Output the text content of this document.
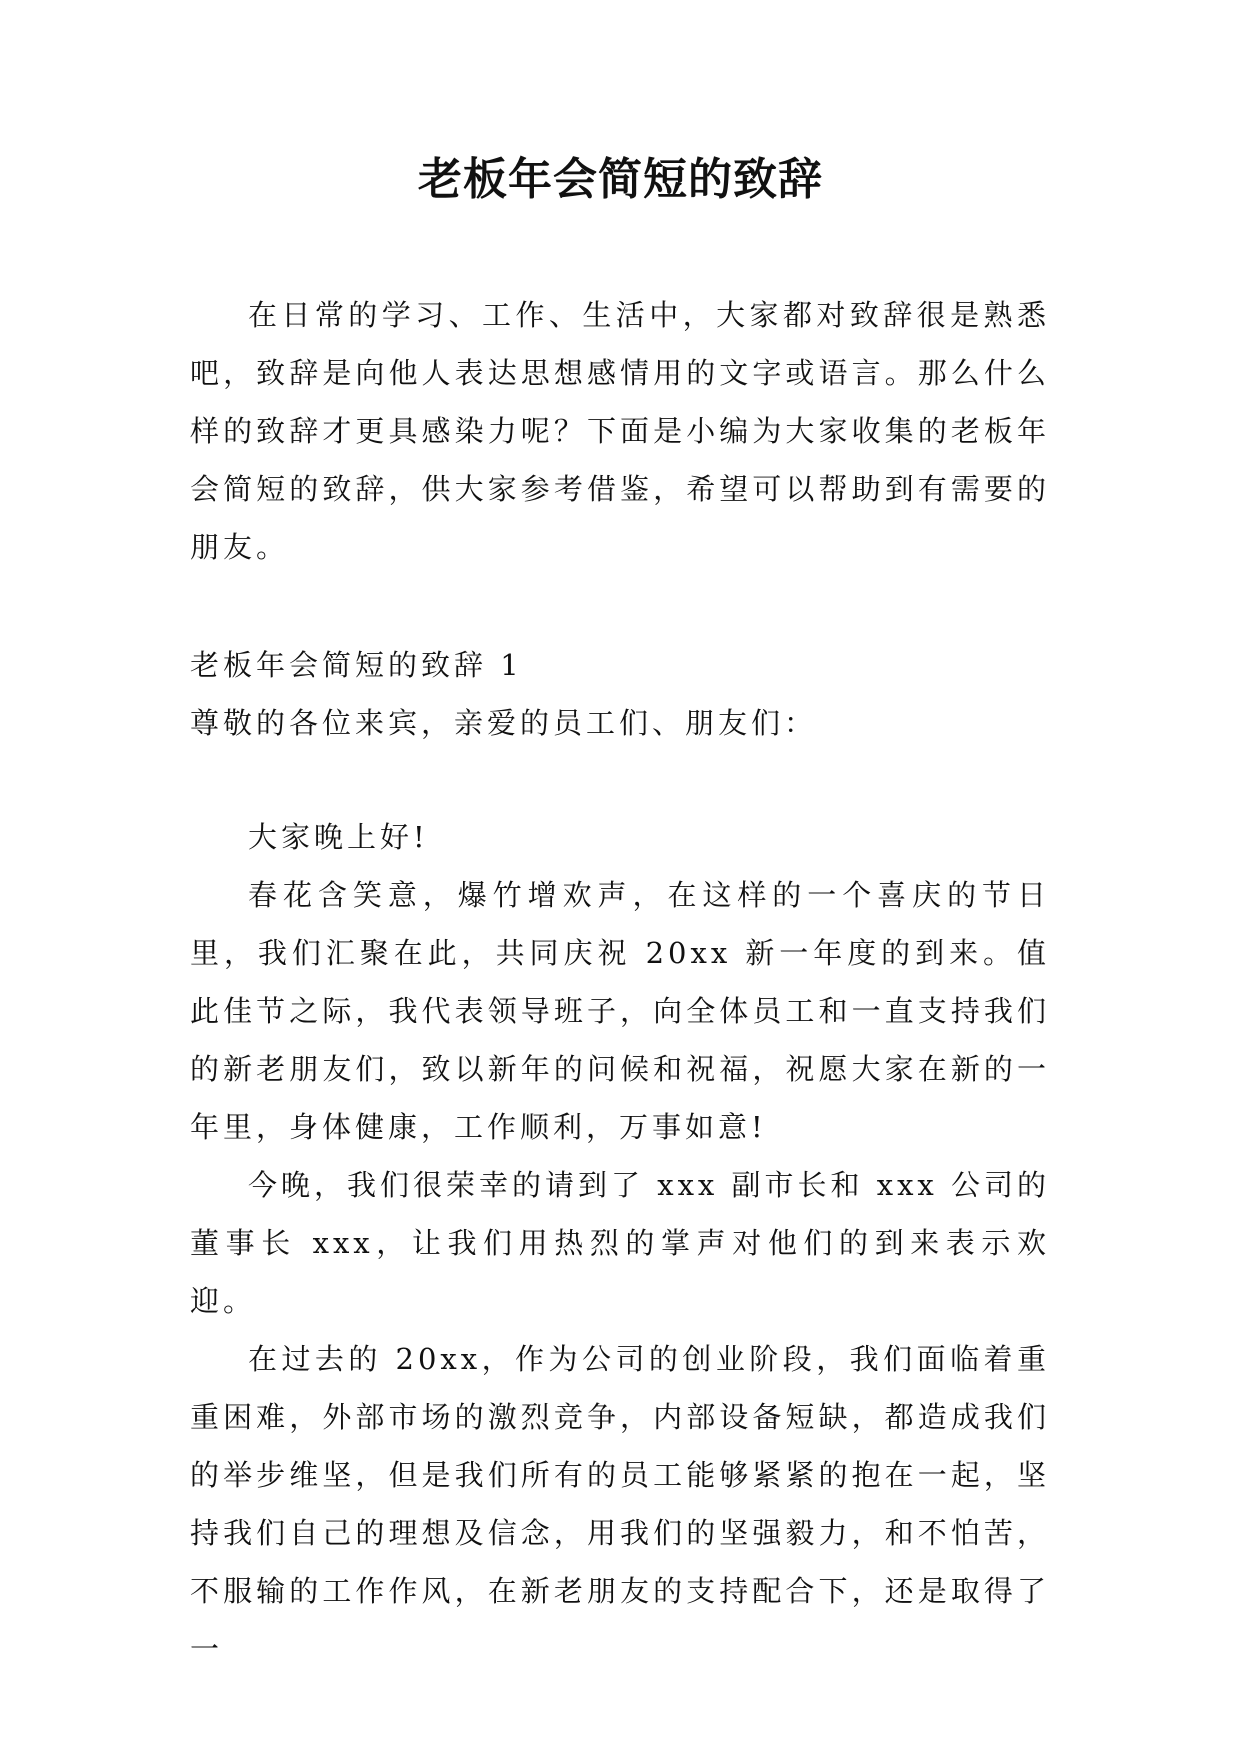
老板年会简短的致辞

在日常的学习、工作、生活中，大家都对致辞很是熟悉吧，致辞是向他人表达思想感情用的文字或语言。那么什么样的致辞才更具感染力呢？下面是小编为大家收集的老板年会简短的致辞，供大家参考借鉴，希望可以帮助到有需要的朋友。

老板年会简短的致辞 1

尊敬的各位来宾，亲爱的员工们、朋友们：

大家晚上好!

春花含笑意，爆竹增欢声，在这样的一个喜庆的节日里，我们汇聚在此，共同庆祝 20xx 新一年度的到来。值此佳节之际，我代表领导班子，向全体员工和一直支持我们的新老朋友们，致以新年的问候和祝福，祝愿大家在新的一年里，身体健康，工作顺利，万事如意!

今晚，我们很荣幸的请到了 xxx 副市长和 xxx 公司的董事长 xxx，让我们用热烈的掌声对他们的到来表示欢迎。

在过去的 20xx，作为公司的创业阶段，我们面临着重重困难，外部市场的激烈竞争，内部设备短缺，都造成我们的举步维坚，但是我们所有的员工能够紧紧的抱在一起，坚持我们自己的理想及信念，用我们的坚强毅力，和不怕苦，不服输的工作作风，在新老朋友的支持配合下，还是取得了一
